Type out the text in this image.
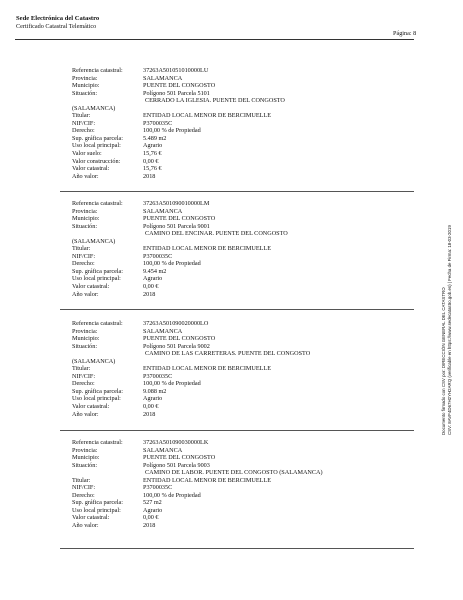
Sede Electrónica del Catastro
Certificado Catastral Telemático
Página: 8
Referencia catastral:	37263A501051010000LU
Provincia:	SALAMANCA
Municipio:	PUENTE DEL CONGOSTO
Situación:	Polígono 501 Parcela 5101
CERRADO LA IGLESIA. PUENTE DEL CONGOSTO
(SALAMANCA)
Titular:	ENTIDAD LOCAL MENOR DE BERCIMUELLE
NIF/CIF:	P3700035C
Derecho:	100,00 % de Propiedad
Sup. gráfica parcela:	5.489 m2
Uso local principal:	Agrario
Valor suelo:	15,76 €
Valor construcción:	0,00 €
Valor catastral:	15,76 €
Año valor:	2018
Referencia catastral:	37263A501090010000LM
Provincia:	SALAMANCA
Municipio:	PUENTE DEL CONGOSTO
Situación:	Polígono 501 Parcela 9001
CAMINO DEL ENCINAR. PUENTE DEL CONGOSTO
(SALAMANCA)
Titular:	ENTIDAD LOCAL MENOR DE BERCIMUELLE
NIF/CIF:	P3700035C
Derecho:	100,00 % de Propiedad
Sup. gráfica parcela:	9.454 m2
Uso local principal:	Agrario
Valor catastral:	0,00 €
Año valor:	2018
Referencia catastral:	37263A501090020000LO
Provincia:	SALAMANCA
Municipio:	PUENTE DEL CONGOSTO
Situación:	Polígono 501 Parcela 9002
CAMINO DE LAS CARRETERAS. PUENTE DEL CONGOSTO
(SALAMANCA)
Titular:	ENTIDAD LOCAL MENOR DE BERCIMUELLE
NIF/CIF:	P3700035C
Derecho:	100,00 % de Propiedad
Sup. gráfica parcela:	9.088 m2
Uso local principal:	Agrario
Valor catastral:	0,00 €
Año valor:	2018
Referencia catastral:	37263A501090030000LK
Provincia:	SALAMANCA
Municipio:	PUENTE DEL CONGOSTO
Situación:	Polígono 501 Parcela 9003
CAMINO DE LABOR. PUENTE DEL CONGOSTO (SALAMANCA)
Titular:	ENTIDAD LOCAL MENOR DE BERCIMUELLE
NIF/CIF:	P3700035C
Derecho:	100,00 % de Propiedad
Sup. gráfica parcela:	527 m2
Uso local principal:	Agrario
Valor catastral:	0,00 €
Año valor:	2018
Documento firmado con CSV por: DIRECCIÓN GENERAL DEL CATASTRO CSV: 8AVF4D67H2YH2ARQ (verificable en https://www.sedecatastro.gob.es) | Fecha de Firma: 18-03-2019
